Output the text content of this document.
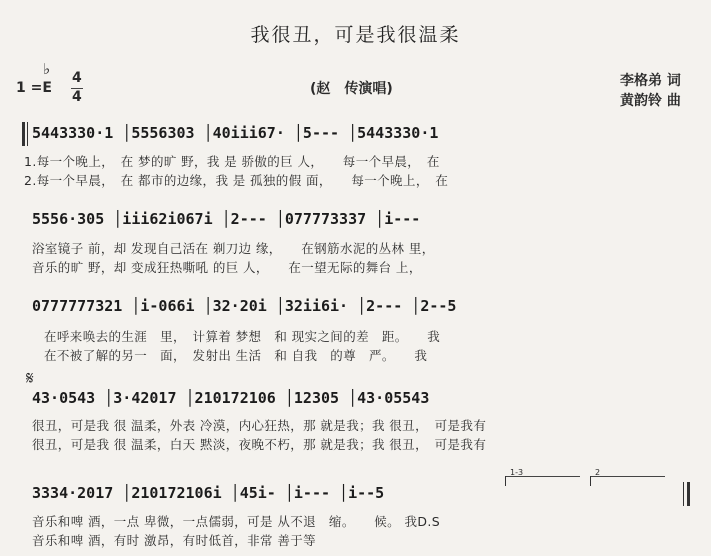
我很丑，可是我很温柔
♭
1 =E
4
4	(赵　传演唱)	李格弟 词
黄韵铃 曲
5443330·1 │5556303 │40iii67· │5--- │5443330·1
1.每一个晚上，　在 梦的旷 野，我 是 骄傲的巨 人，　　每一个早晨，　在
2.每一个早晨，　在 都市的边缘，我 是 孤独的假 面，　　每一个晚上，　在
5556·305 │iii62i067i │2--- │077773337 │i---
浴室镜子 前，却 发现自己活在 剃刀边 缘，　　在钢筋水泥的丛林 里，
音乐的旷 野，却 变成狂热嘶吼 的巨 人，　　在一望无际的舞台 上，
0777777321 │i-066i │32·20i │32ii6i· │2--- │2--5
在呼来唤去的生涯　里，　计算着 梦想　和 现实之间的差　距。　　我
在不被了解的另一　面，　发射出 生活　和 自我　的尊　严。　　我
𝄋
43·0543 │3·42017 │210172106 │12305 │43·05543
很丑，可是我 很 温柔，外表 冷漠，内心狂热，那 就是我；我 很丑，　可是我有
很丑，可是我 很 温柔，白天 黙淡，夜晚不朽，那 就是我；我 很丑，　可是我有
1-3	2
3334·2017 │210172106i │45i- │i--- │i--5
音乐和啤 酒，一点 卑微，一点儒弱，可是 从不退　缩。　　候。 我D.S
音乐和啤 酒，有时 激昂，有时低首，非常 善于等
